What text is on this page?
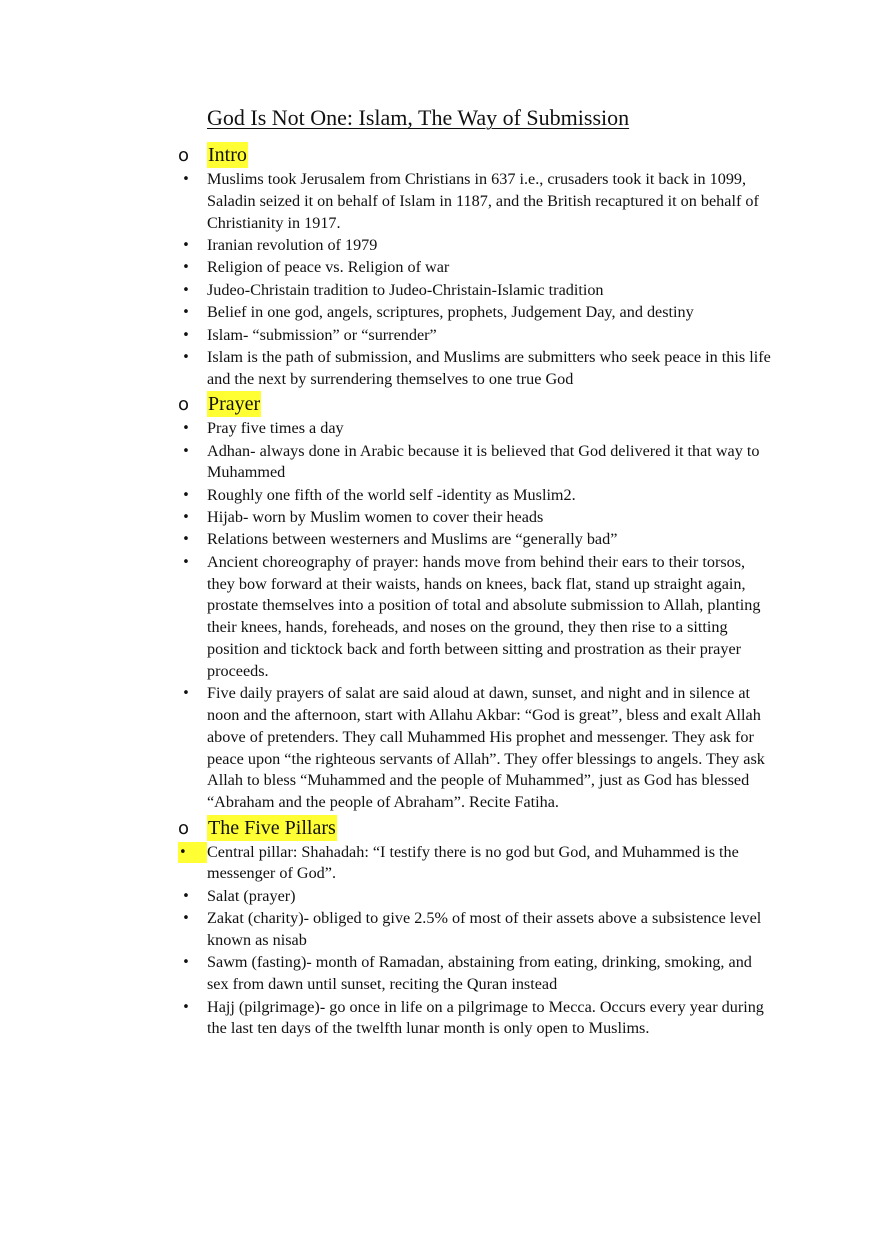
God Is Not One: Islam, The Way of Submission
o Intro
• Muslims took Jerusalem from Christians in 637 i.e., crusaders took it back in 1099, Saladin seized it on behalf of Islam in 1187, and the British recaptured it on behalf of Christianity in 1917.
• Iranian revolution of 1979
• Religion of peace vs. Religion of war
• Judeo-Christain tradition to Judeo-Christain-Islamic tradition
• Belief in one god, angels, scriptures, prophets, Judgement Day, and destiny
• Islam- “submission” or “surrender”
• Islam is the path of submission, and Muslims are submitters who seek peace in this life and the next by surrendering themselves to one true God
o Prayer
• Pray five times a day
• Adhan- always done in Arabic because it is believed that God delivered it that way to Muhammed
• Roughly one fifth of the world self -identity as Muslim2.
• Hijab- worn by Muslim women to cover their heads
• Relations between westerners and Muslims are “generally bad”
• Ancient choreography of prayer: hands move from behind their ears to their torsos, they bow forward at their waists, hands on knees, back flat, stand up straight again, prostate themselves into a position of total and absolute submission to Allah, planting their knees, hands, foreheads, and noses on the ground, they then rise to a sitting position and ticktock back and forth between sitting and prostration as their prayer proceeds.
• Five daily prayers of salat are said aloud at dawn, sunset, and night and in silence at noon and the afternoon, start with Allahu Akbar: “God is great”, bless and exalt Allah above of pretenders. They call Muhammed His prophet and messenger. They ask for peace upon “the righteous servants of Allah”. They offer blessings to angels. They ask Allah to bless “Muhammed and the people of Muhammed”, just as God has blessed “Abraham and the people of Abraham”. Recite Fatiha.
o The Five Pillars
•	Central pillar: Shahadah: “I testify there is no god but God, and Muhammed is the messenger of God”.
• Salat (prayer)
• Zakat (charity)- obliged to give 2.5% of most of their assets above a subsistence level known as nisab
• Sawm (fasting)- month of Ramadan, abstaining from eating, drinking, smoking, and sex from dawn until sunset, reciting the Quran instead
• Hajj (pilgrimage)- go once in life on a pilgrimage to Mecca. Occurs every year during the last ten days of the twelfth lunar month is only open to Muslims.
